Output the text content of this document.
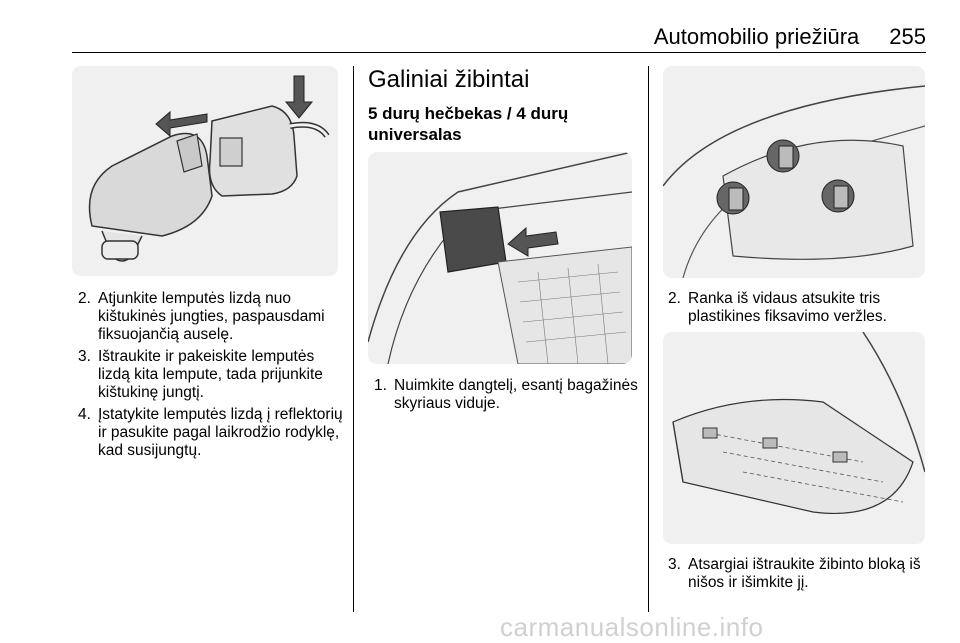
Automobilio priežiūra 255
2. Atjunkite lemputės lizdą nuo kištukinės jungties, paspausdami fiksuojančią auselę.
3. Ištraukite ir pakeiskite lemputės lizdą kita lempute, tada prijunkite kištukinę jungtį.
4. Įstatykite lemputės lizdą į reflektorių ir pasukite pagal laikrodžio rodyklę, kad susijungtų.
Galiniai žibintai
5 durų hečbekas / 4 durų universalas
1. Nuimkite dangtelį, esantį bagažinės skyriaus viduje.
2. Ranka iš vidaus atsukite tris plastikines fiksavimo veržles.
3. Atsargiai ištraukite žibinto bloką iš nišos ir išimkite jį.
carmanualsonline.info
